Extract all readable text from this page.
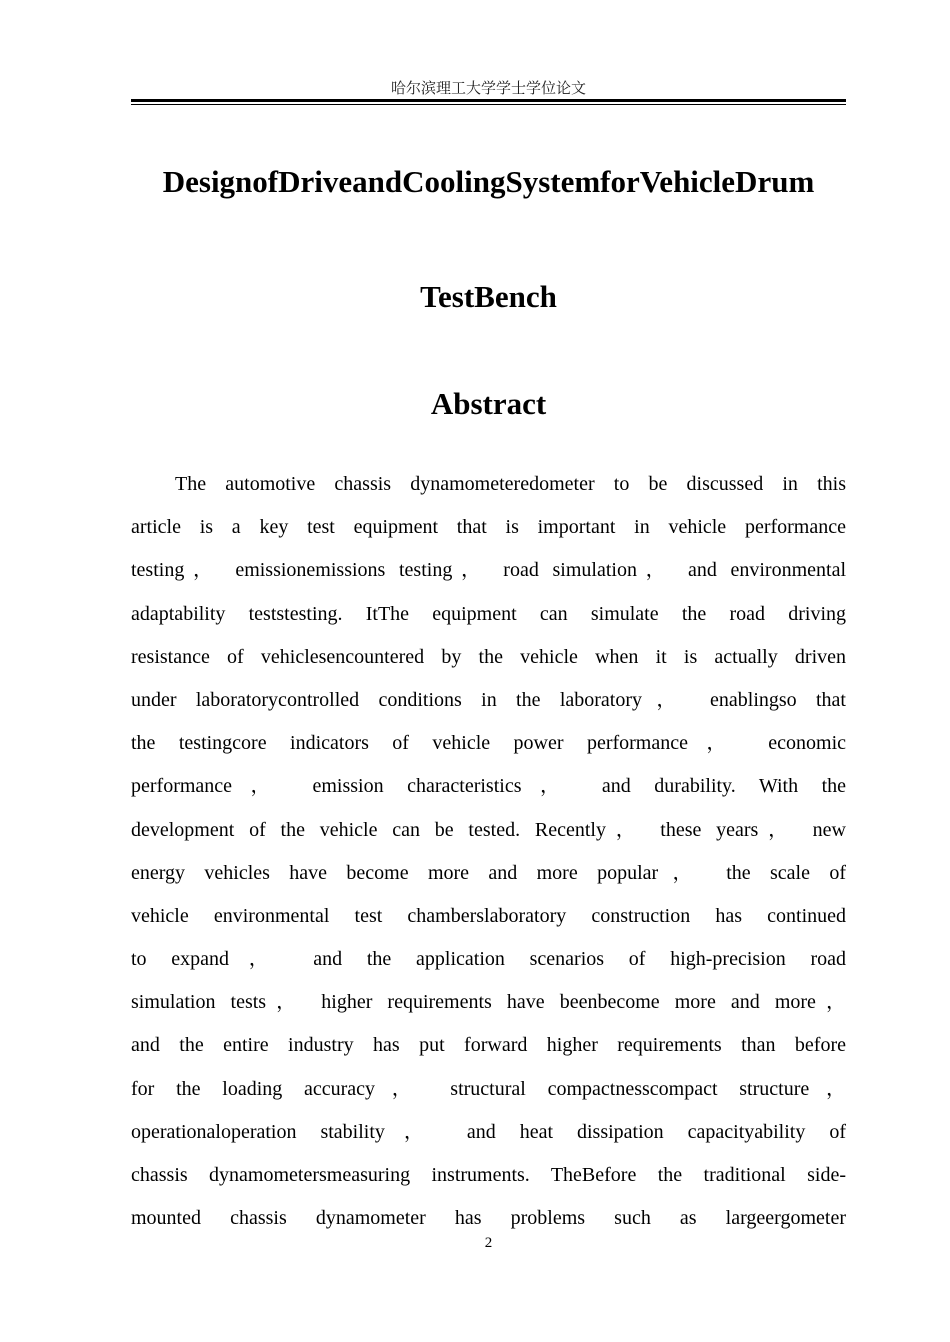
哈尔滨理工大学学士学位论文
DesignofDriveandCoolingSystemforVehicleDrum
TestBench
Abstract
The automotive chassis dynamometeredometer to be discussed in this
article is a key test equipment that is important in vehicle performance
testing， emissionemissions testing， road simulation， and environmental
adaptability teststesting. ItThe equipment can simulate the road driving
resistance of vehiclesencountered by the vehicle when it is actually driven
under laboratorycontrolled conditions in the laboratory， enablingso that
the testingcore indicators of vehicle power performance， economic
performance， emission characteristics， and durability. With the
development of the vehicle can be tested. Recently， these years， new
energy vehicles have become more and more popular， the scale of
vehicle environmental test chamberslaboratory construction has continued
to expand， and the application scenarios of high-precision road
simulation tests， higher requirements have beenbecome more and more，
and the entire industry has put forward higher requirements than before
for the loading accuracy， structural compactnesscompact structure，
operationaloperation stability， and heat dissipation capacityability of
chassis dynamometersmeasuring instruments. TheBefore the traditional side-
mounted chassis dynamometer has problems such as largeergometer
2
